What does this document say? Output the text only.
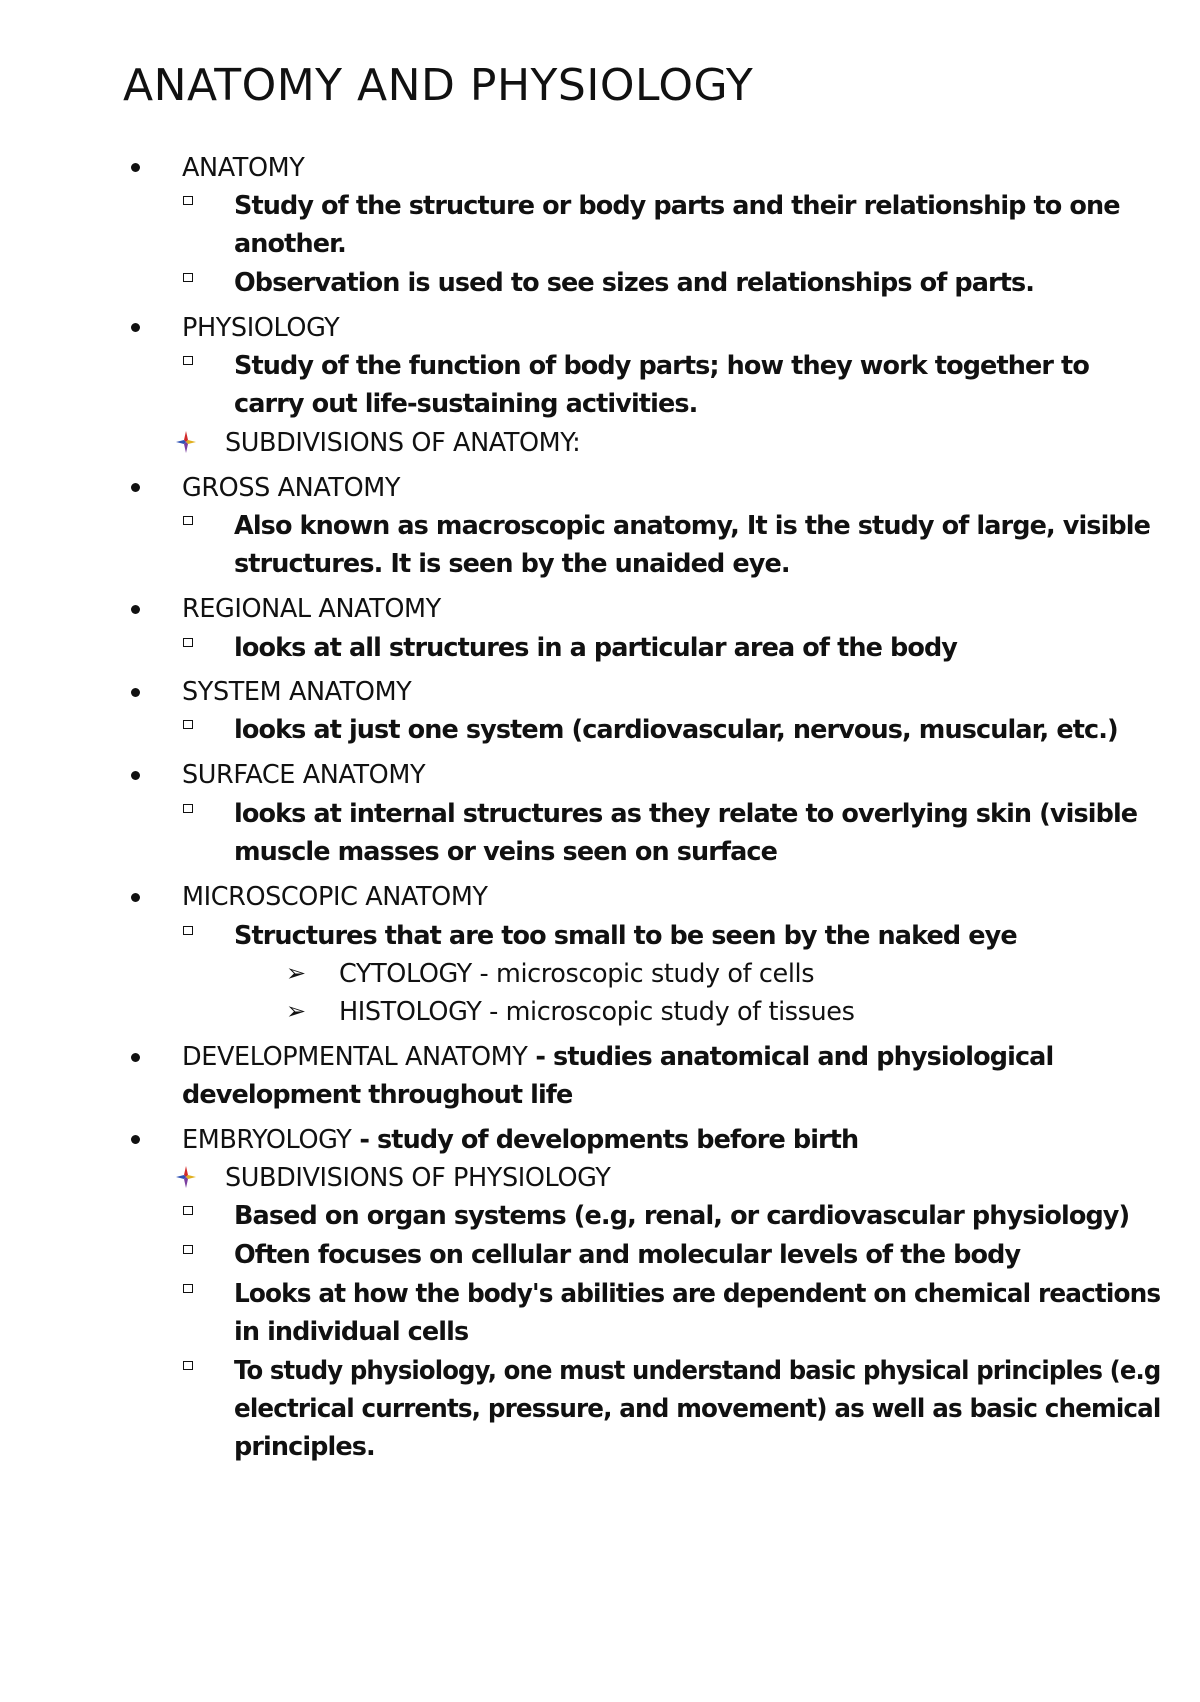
ANATOMY AND PHYSIOLOGY
ANATOMY
Study of the structure or body parts and their relationship to one
another.
Observation is used to see sizes and relationships of parts.
PHYSIOLOGY
Study of the function of body parts; how they work together to
carry out life-sustaining activities.
SUBDIVISIONS OF ANATOMY:
GROSS ANATOMY
Also known as macroscopic anatomy, It is the study of large, visible
structures. It is seen by the unaided eye.
REGIONAL ANATOMY
looks at all structures in a particular area of the body
SYSTEM ANATOMY
looks at just one system (cardiovascular, nervous, muscular, etc.)
SURFACE ANATOMY
looks at internal structures as they relate to overlying skin (visible
muscle masses or veins seen on surface
MICROSCOPIC ANATOMY
Structures that are too small to be seen by the naked eye
➢ CYTOLOGY - microscopic study of cells
➢ HISTOLOGY - microscopic study of tissues
DEVELOPMENTAL ANATOMY - studies anatomical and physiological
development throughout life
EMBRYOLOGY - study of developments before birth
SUBDIVISIONS OF PHYSIOLOGY
Based on organ systems (e.g, renal, or cardiovascular physiology)
Often focuses on cellular and molecular levels of the body
Looks at how the body's abilities are dependent on chemical reactions
in individual cells
To study physiology, one must understand basic physical principles (e.g
electrical currents, pressure, and movement) as well as basic chemical
principles.
